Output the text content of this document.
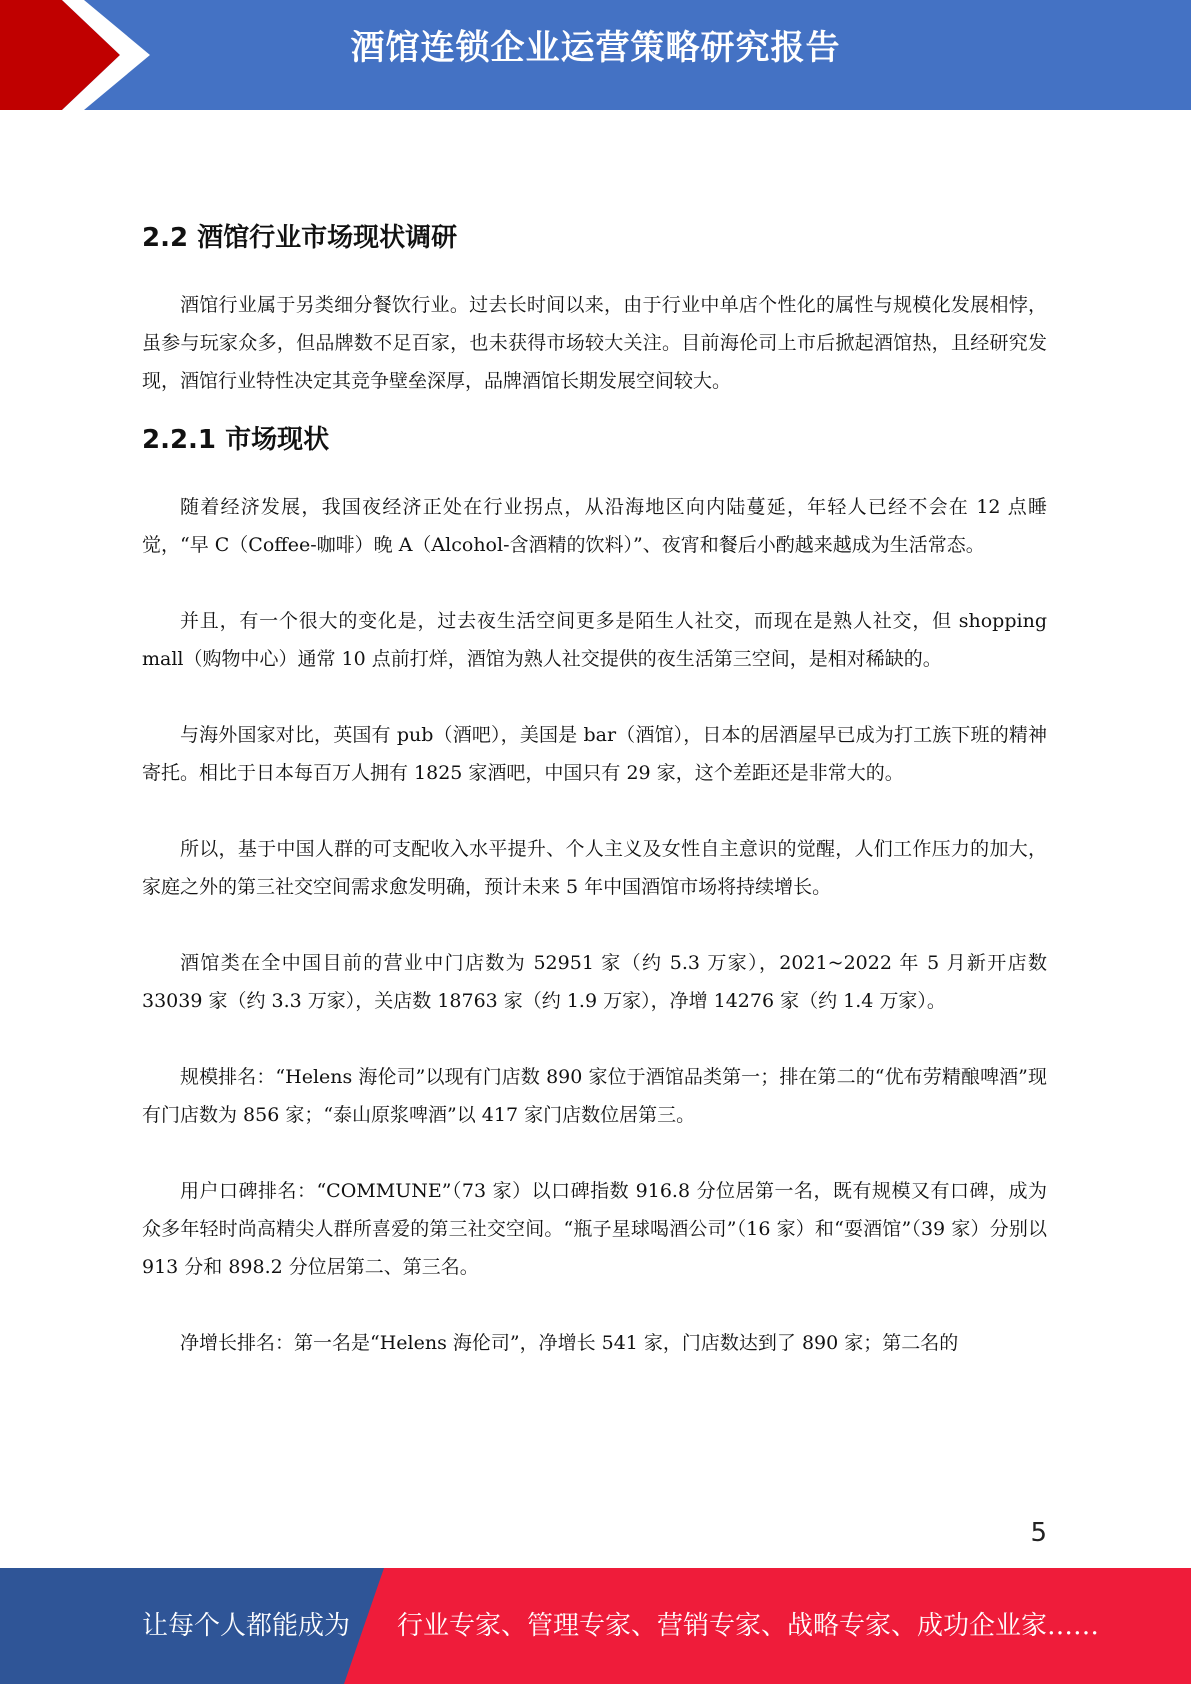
酒馆连锁企业运营策略研究报告
2.2 酒馆行业市场现状调研

酒馆行业属于另类细分餐饮行业。过去长时间以来，由于行业中单店个性化的属性与规模化发展相悖，虽参与玩家众多，但品牌数不足百家，也未获得市场较大关注。目前海伦司上市后掀起酒馆热，且经研究发现，酒馆行业特性决定其竞争壁垒深厚，品牌酒馆长期发展空间较大。

2.2.1 市场现状

随着经济发展，我国夜经济正处在行业拐点，从沿海地区向内陆蔓延，年轻人已经不会在 12 点睡觉，“早 C（Coffee-咖啡）晚 A（Alcohol-含酒精的饮料）”、夜宵和餐后小酌越来越成为生活常态。

并且，有一个很大的变化是，过去夜生活空间更多是陌生人社交，而现在是熟人社交，但 shopping mall（购物中心）通常 10 点前打烊，酒馆为熟人社交提供的夜生活第三空间，是相对稀缺的。

与海外国家对比，英国有 pub（酒吧），美国是 bar（酒馆），日本的居酒屋早已成为打工族下班的精神寄托。相比于日本每百万人拥有 1825 家酒吧，中国只有 29 家，这个差距还是非常大的。

所以，基于中国人群的可支配收入水平提升、个人主义及女性自主意识的觉醒，人们工作压力的加大，家庭之外的第三社交空间需求愈发明确，预计未来 5 年中国酒馆市场将持续增长。

酒馆类在全中国目前的营业中门店数为 52951 家（约 5.3 万家），2021~2022 年 5 月新开店数 33039 家（约 3.3 万家），关店数 18763 家（约 1.9 万家），净增 14276 家（约 1.4 万家）。

规模排名：“Helens 海伦司”以现有门店数 890 家位于酒馆品类第一；排在第二的“优布劳精酿啤酒”现有门店数为 856 家；“泰山原浆啤酒”以 417 家门店数位居第三。

用户口碑排名：“COMMUNE”（73 家）以口碑指数 916.8 分位居第一名，既有规模又有口碑，成为众多年轻时尚高精尖人群所喜爱的第三社交空间。“瓶子星球喝酒公司”（16 家）和“耍酒馆”（39 家）分别以 913 分和 898.2 分位居第二、第三名。

净增长排名：第一名是“Helens 海伦司”，净增长 541 家，门店数达到了 890 家；第二名的

5
让每个人都能成为 行业专家、管理专家、营销专家、战略专家、成功企业家……
